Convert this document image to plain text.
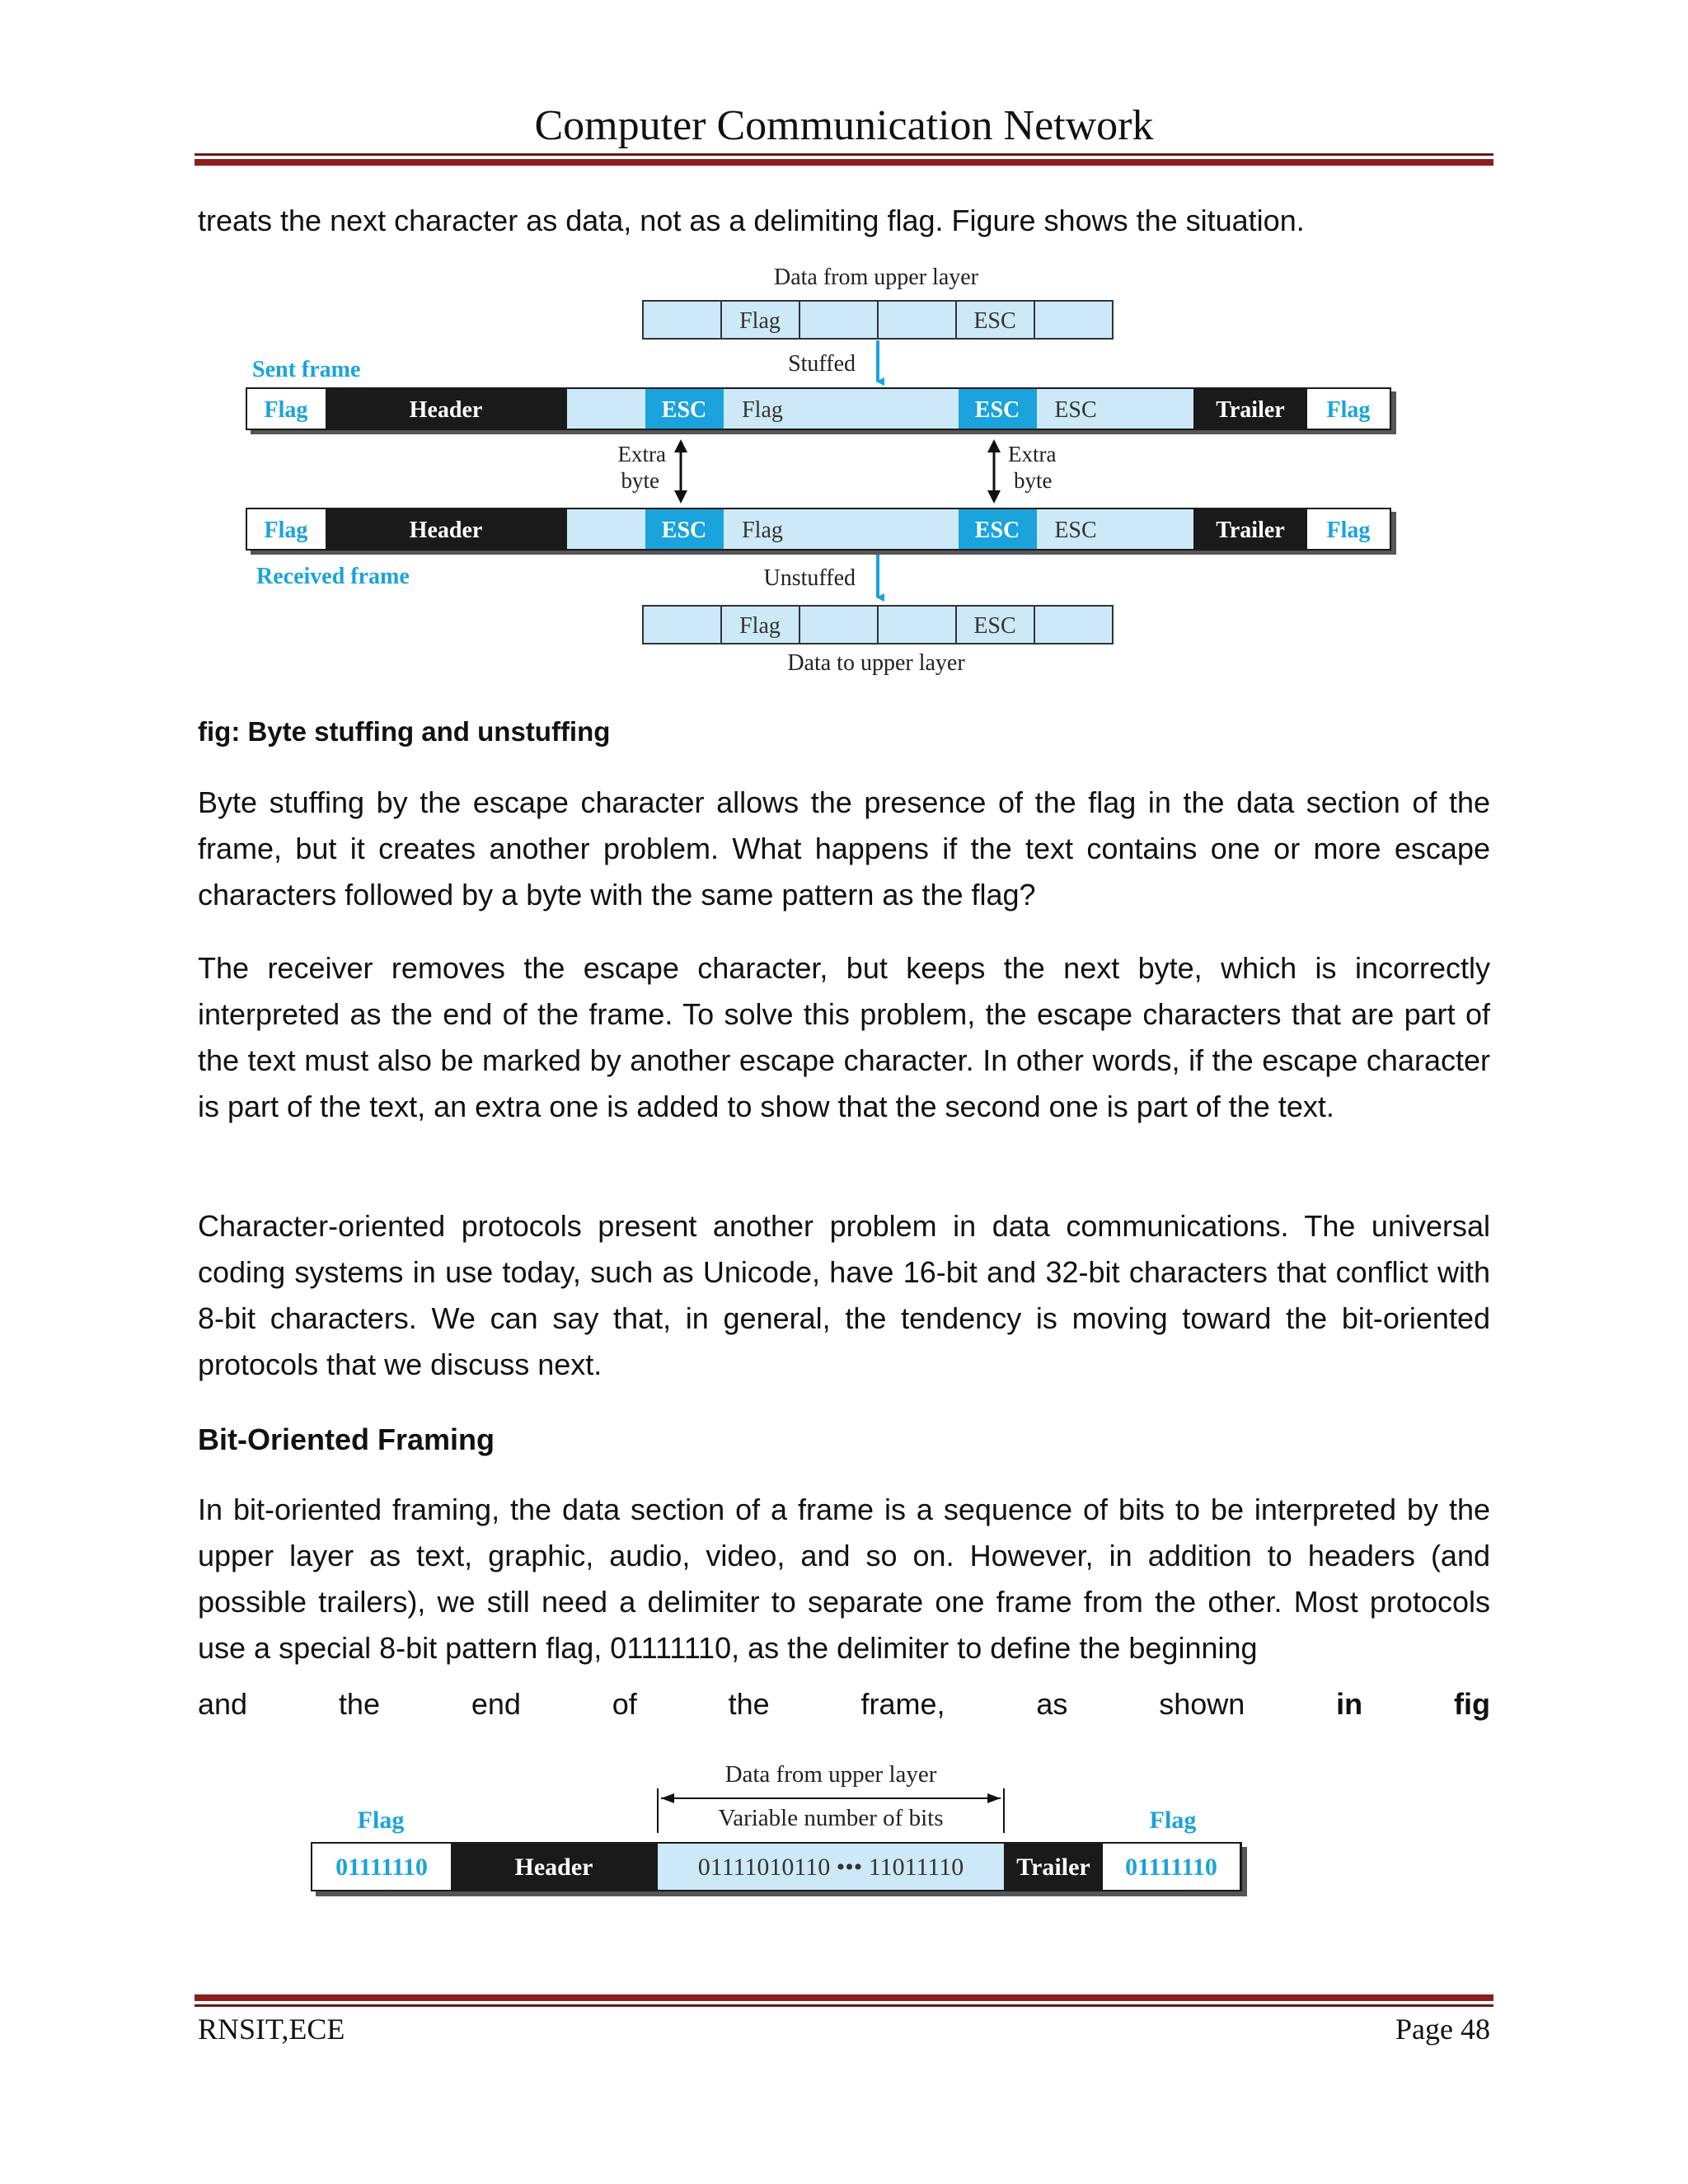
Computer Communication Network

treats the next character as data, not as a delimiting flag. Figure shows the situation.

Data from upper layer
Flag	ESC
Sent frame	Stuffed
Flag	Header	ESC Flag	ESC ESC	Trailer Flag
Extra
byte
Extra
byte
Flag	Header	ESC Flag	ESC ESC	Trailer Flag
Received frame	Unstuffed
Flag	ESC
Data to upper layer

fig: Byte stuffing and unstuffing

Byte stuffing by the escape character allows the presence of the flag in the data section of the frame, but it creates another problem. What happens if the text contains one or more escape characters followed by a byte with the same pattern as the flag?

The receiver removes the escape character, but keeps the next byte, which is incorrectly interpreted as the end of the frame. To solve this problem, the escape characters that are part of the text must also be marked by another escape character. In other words, if the escape character is part of the text, an extra one is added to show that the second one is part of the text.

Character-oriented protocols present another problem in data communications. The universal coding systems in use today, such as Unicode, have 16-bit and 32-bit characters that conflict with 8-bit characters. We can say that, in general, the tendency is moving toward the bit-oriented protocols that we discuss next.

Bit-Oriented Framing

In bit-oriented framing, the data section of a frame is a sequence of bits to be interpreted by the upper layer as text, graphic, audio, video, and so on. However, in addition to headers (and possible trailers), we still need a delimiter to separate one frame from the other. Most protocols use a special 8-bit pattern flag, 01111110, as the delimiter to define the beginning

and	the	end	of	the	frame,	as	shown	in	fig
Data from upper layer
Variable number of bits
Flag	Flag
01111110	Header	01111010110 ••• 11011110 Trailer 01111110
RNSIT,ECE	Page 48
